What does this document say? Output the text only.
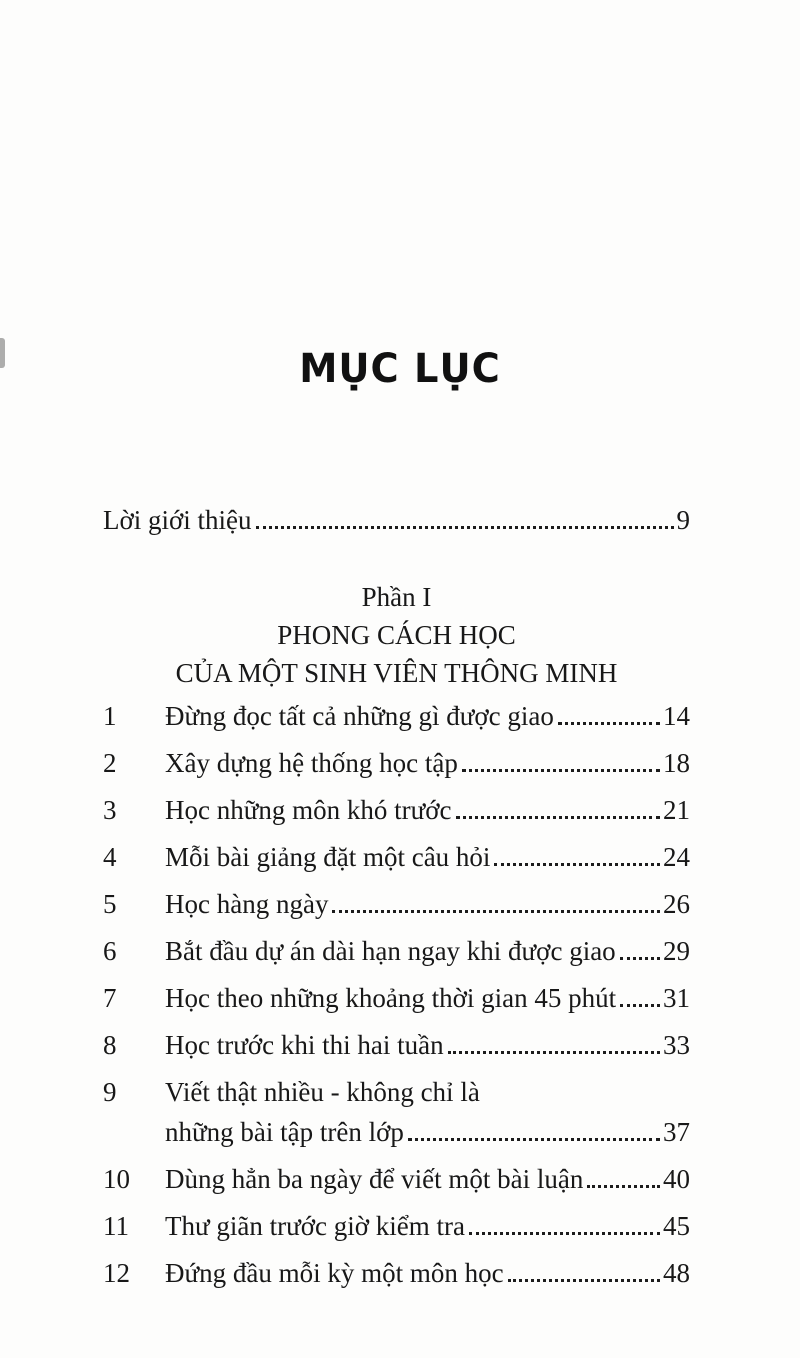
MỤC LỤC
Lời giới thiệu	9
Phần I
PHONG CÁCH HỌC
CỦA MỘT SINH VIÊN THÔNG MINH
1	Đừng đọc tất cả những gì được giao	14
2	Xây dựng hệ thống học tập	18
3	Học những môn khó trước	21
4	Mỗi bài giảng đặt một câu hỏi	24
5	Học hàng ngày	26
6	Bắt đầu dự án dài hạn ngay khi được giao 29
7	Học theo những khoảng thời gian 45 phút 31
8	Học trước khi thi hai tuần	33
9	Viết thật nhiều - không chỉ là
những bài tập trên lớp	37
10	Dùng hẳn ba ngày để viết một bài luận	40
11	Thư giãn trước giờ kiểm tra	45
12	Đứng đầu mỗi kỳ một môn học	48
